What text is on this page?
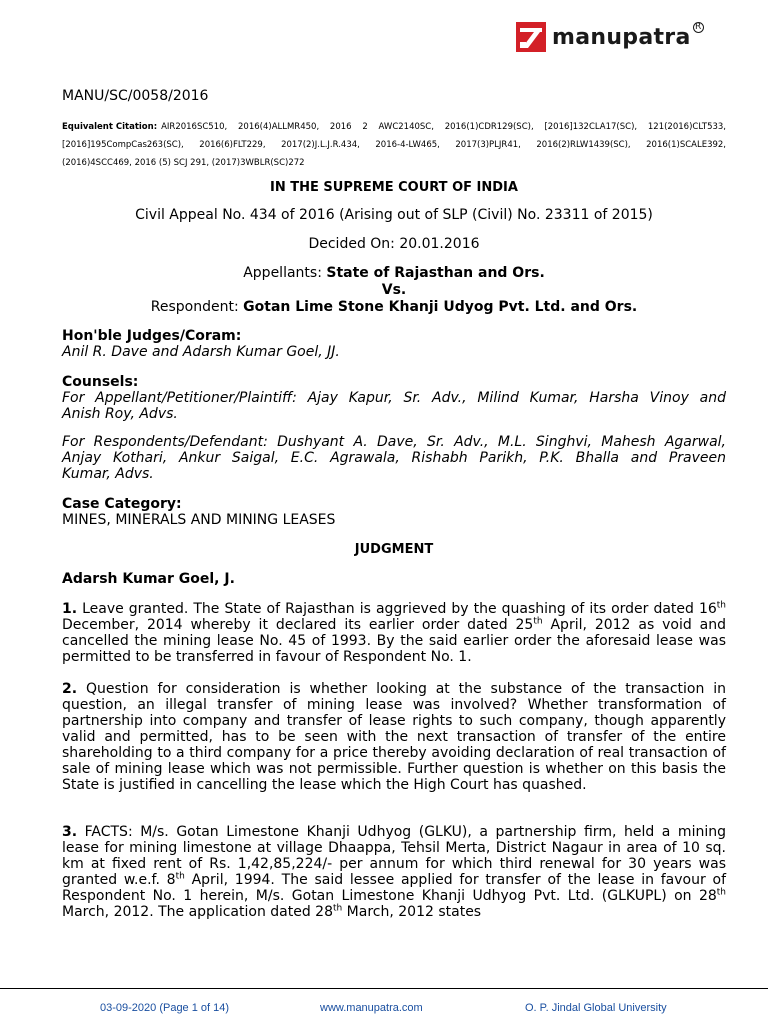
manupatra R
MANU/SC/0058/2016
Equivalent Citation: AIR2016SC510, 2016(4)ALLMR450, 2016 2 AWC2140SC, 2016(1)CDR129(SC), [2016]132CLA17(SC), 121(2016)CLT533,
[2016]195CompCas263(SC), 2016(6)FLT229, 2017(2)J.L.J.R.434, 2016-4-LW465, 2017(3)PLJR41, 2016(2)RLW1439(SC), 2016(1)SCALE392,
(2016)4SCC469, 2016 (5) SCJ 291, (2017)3WBLR(SC)272
IN THE SUPREME COURT OF INDIA
Civil Appeal No. 434 of 2016 (Arising out of SLP (Civil) No. 23311 of 2015)
Decided On: 20.01.2016
Appellants: State of Rajasthan and Ors.
Vs.
Respondent: Gotan Lime Stone Khanji Udyog Pvt. Ltd. and Ors.
Hon'ble Judges/Coram:
Anil R. Dave and Adarsh Kumar Goel, JJ.
Counsels:
For Appellant/Petitioner/Plaintiff: Ajay Kapur, Sr. Adv., Milind Kumar, Harsha Vinoy and
Anish Roy, Advs.
For Respondents/Defendant: Dushyant A. Dave, Sr. Adv., M.L. Singhvi, Mahesh Agarwal,
Anjay Kothari, Ankur Saigal, E.C. Agrawala, Rishabh Parikh, P.K. Bhalla and Praveen
Kumar, Advs.
Case Category:
MINES, MINERALS AND MINING LEASES
JUDGMENT
Adarsh Kumar Goel, J.
1. Leave granted. The State of Rajasthan is aggrieved by the quashing of its order dated 16th December, 2014 whereby it declared its earlier order dated 25th April, 2012 as void and cancelled the mining lease No. 45 of 1993. By the said earlier order the aforesaid lease was permitted to be transferred in favour of Respondent No. 1.
2. Question for consideration is whether looking at the substance of the transaction in question, an illegal transfer of mining lease was involved? Whether transformation of partnership into company and transfer of lease rights to such company, though apparently valid and permitted, has to be seen with the next transaction of transfer of the entire shareholding to a third company for a price thereby avoiding declaration of real transaction of sale of mining lease which was not permissible. Further question is whether on this basis the State is justified in cancelling the lease which the High Court has quashed.
3. FACTS: M/s. Gotan Limestone Khanji Udhyog (GLKU), a partnership firm, held a mining lease for mining limestone at village Dhaappa, Tehsil Merta, District Nagaur in area of 10 sq. km at fixed rent of Rs. 1,42,85,224/- per annum for which third renewal for 30 years was granted w.e.f. 8th April, 1994. The said lessee applied for transfer of the lease in favour of Respondent No. 1 herein, M/s. Gotan Limestone Khanji Udhyog Pvt. Ltd. (GLKUPL) on 28th March, 2012. The application dated 28th March, 2012 states
03-09-2020 (Page 1 of 14)	www.manupatra.com	O. P. Jindal Global University
